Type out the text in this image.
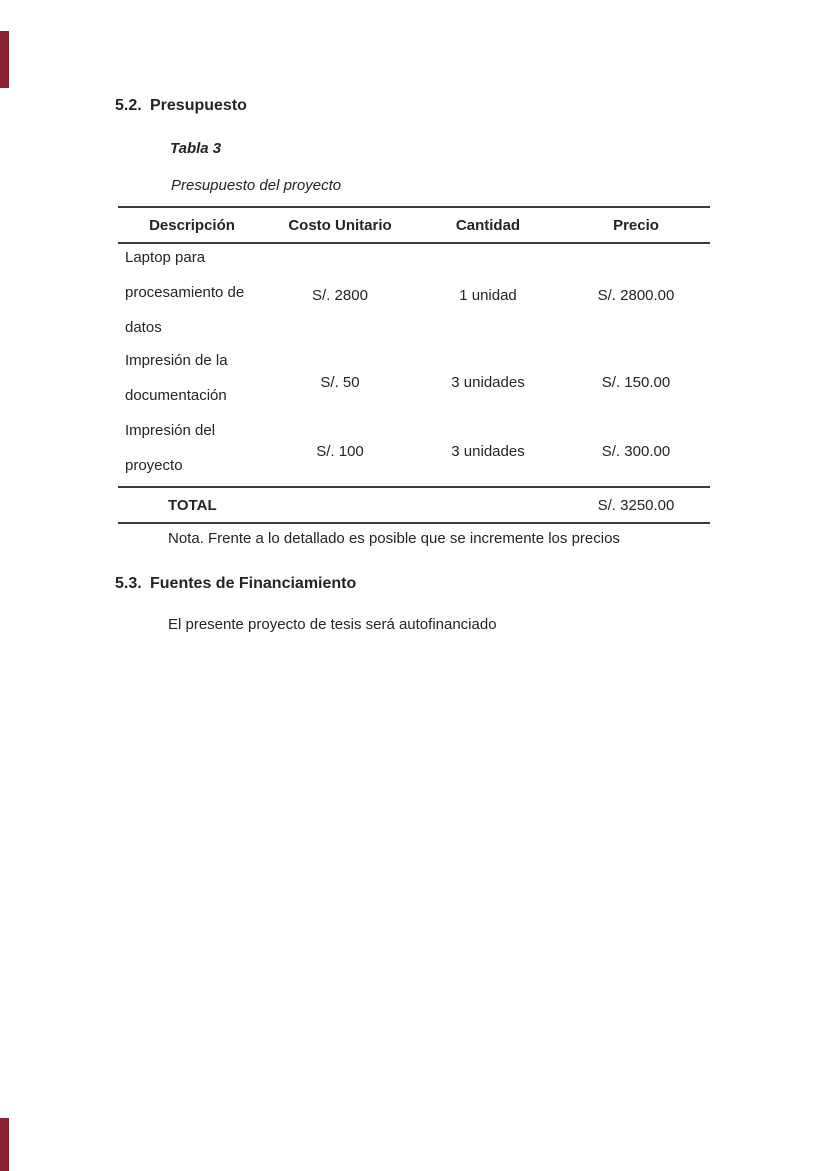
5.2. Presupuesto
Tabla 3
Presupuesto del proyecto
Descripción	Costo Unitario	Cantidad	Precio

Laptop para
procesamiento de
datos	S/. 2800	1 unidad	S/. 2800.00

Impresión de la
documentación	S/. 50	3 unidades	S/. 150.00

Impresión del
proyecto	S/. 100	3 unidades	S/. 300.00
TOTAL			S/. 3250.00
Nota. Frente a lo detallado es posible que se incremente los precios
5.3. Fuentes de Financiamiento
El presente proyecto de tesis será autofinanciado
